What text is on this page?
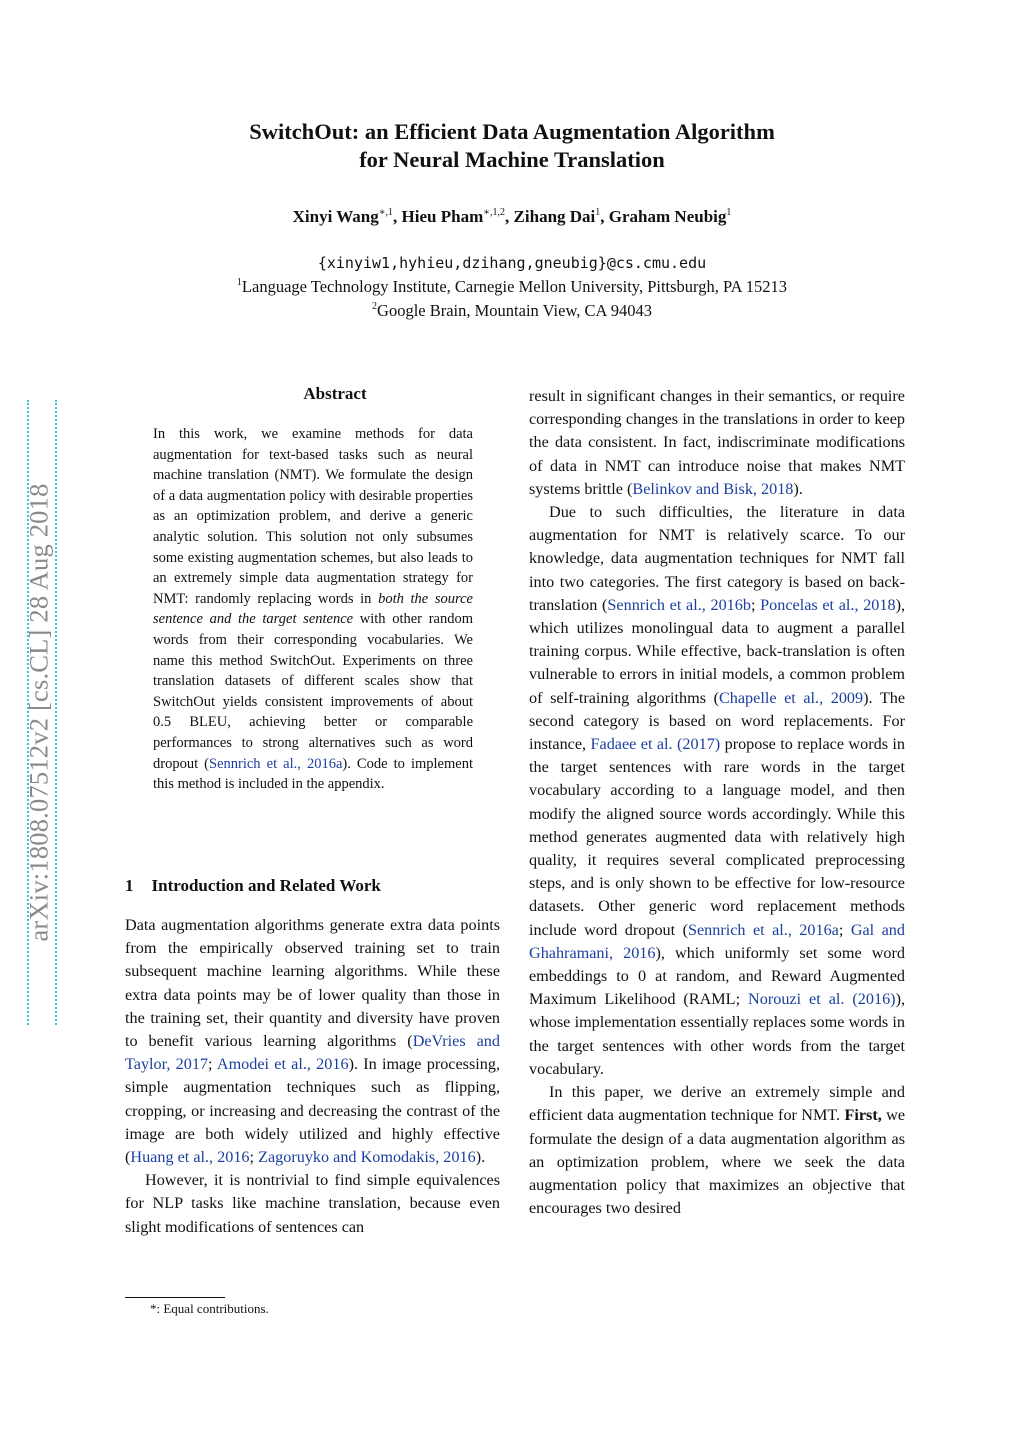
SwitchOut: an Efficient Data Augmentation Algorithm
for Neural Machine Translation
Xinyi Wang$^{∗,1}$, Hieu Pham$^{∗,1,2}$, Zihang Dai$^1$, Graham Neubig$^1$
{xinyiw1,hyhieu,dzihang,gneubig}@cs.cmu.edu
$^1$Language Technology Institute, Carnegie Mellon University, Pittsburgh, PA 15213
$^2$Google Brain, Mountain View, CA 94043
arXiv:1808.07512v2 [cs.CL] 28 Aug 2018
Abstract
In this work, we examine methods for data augmentation for text-based tasks such as neural machine translation (NMT). We formulate the design of a data augmentation policy with desirable properties as an optimization problem, and derive a generic analytic solution. This solution not only subsumes some existing augmentation schemes, but also leads to an extremely simple data augmentation strategy for NMT: randomly replacing words in both the source sentence and the target sentence with other random words from their corresponding vocabularies. We name this method SwitchOut. Experiments on three translation datasets of different scales show that SwitchOut yields consistent improvements of about 0.5 BLEU, achieving better or comparable performances to strong alternatives such as word dropout (Sennrich et al., 2016a). Code to implement this method is included in the appendix.
1 Introduction and Related Work

Data augmentation algorithms generate extra data points from the empirically observed training set to train subsequent machine learning algorithms. While these extra data points may be of lower quality than those in the training set, their quantity and diversity have proven to benefit various learning algorithms (DeVries and Taylor, 2017; Amodei et al., 2016). In image processing, simple augmentation techniques such as flipping, cropping, or increasing and decreasing the contrast of the image are both widely utilized and highly effective (Huang et al., 2016; Zagoruyko and Komodakis, 2016).

However, it is nontrivial to find simple equivalences for NLP tasks like machine translation, because even slight modifications of sentences can

result in significant changes in their semantics, or require corresponding changes in the translations in order to keep the data consistent. In fact, indiscriminate modifications of data in NMT can introduce noise that makes NMT systems brittle (Belinkov and Bisk, 2018).

Due to such difficulties, the literature in data augmentation for NMT is relatively scarce. To our knowledge, data augmentation techniques for NMT fall into two categories. The first category is based on back-translation (Sennrich et al., 2016b; Poncelas et al., 2018), which utilizes monolingual data to augment a parallel training corpus. While effective, back-translation is often vulnerable to errors in initial models, a common problem of self-training algorithms (Chapelle et al., 2009). The second category is based on word replacements. For instance, Fadaee et al. (2017) propose to replace words in the target sentences with rare words in the target vocabulary according to a language model, and then modify the aligned source words accordingly. While this method generates augmented data with relatively high quality, it requires several complicated preprocessing steps, and is only shown to be effective for low-resource datasets. Other generic word replacement methods include word dropout (Sennrich et al., 2016a; Gal and Ghahramani, 2016), which uniformly set some word embeddings to 0 at random, and Reward Augmented Maximum Likelihood (RAML; Norouzi et al. (2016)), whose implementation essentially replaces some words in the target sentences with other words from the target vocabulary.

In this paper, we derive an extremely simple and efficient data augmentation technique for NMT. First, we formulate the design of a data augmentation algorithm as an optimization problem, where we seek the data augmentation policy that maximizes an objective that encourages two desired

*: Equal contributions.
